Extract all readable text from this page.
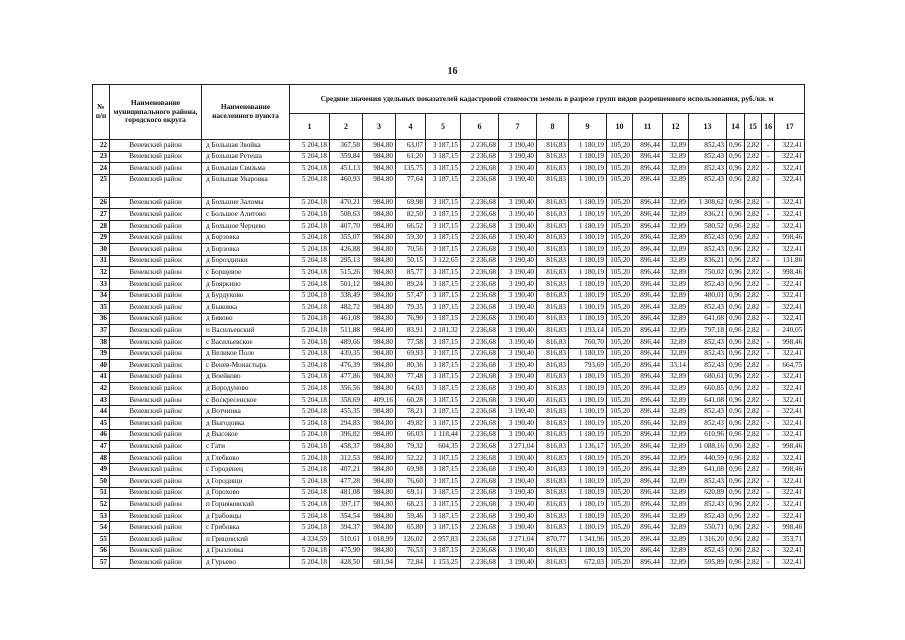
16
№ п/п	Наименование муниципального района, городского округа	Наименование населенного пункта	Средние значения удельных показателей кадастровой стоимости земель в разрезе групп видов разрешенного использования, руб./кв. м																
			1	2	3	4	5	6	7	8	9	10	11	12	13	14	15	16	17
22	Веневский район	д Большая Звойка	5 204,18	367,58	984,80	63,07	3 187,15	2 236,68	3 190,40	816,83	1 180,19	105,20	896,44	32,89	852,43	0,96	2,82	-	322,41
23	Веневский район	д Большая Ретеша	5 204,18	359,84	984,80	61,20	3 187,15	2 236,68	3 190,40	816,83	1 180,19	105,20	896,44	32,89	852,43	0,96	2,82	-	322,41
24	Веневский район	д Большая Связьма	5 204,18	451,13	984,80	135,75	3 187,15	2 236,68	3 190,40	816,83	1 180,19	105,20	896,44	32,89	852,43	0,96	2,82	-	322,41
25	Веневский район	д Большая Уваровка	5 204,18	460,93	984,80	77,64	3 187,15	2 236,68	3 190,40	816,83	1 180,19	105,20	896,44	32,89	852,43	0,96	2,82	-	322,41
26	Веневский район	д Большие Заломы	5 204,18	470,21	984,80	69,98	3 187,15	2 236,68	3 190,40	816,83	1 180,19	105,20	896,44	32,89	1 308,62	0,96	2,82	-	322,41
27	Веневский район	с Большое Алитово	5 204,18	508,63	984,80	82,50	3 187,15	2 236,68	3 190,40	816,83	1 180,19	105,20	896,44	32,89	836,21	0,96	2,82	-	322,41
28	Веневский район	д Большое Черцево	5 204,18	407,70	984,80	66,52	3 187,15	2 236,68	3 190,40	816,83	1 180,19	105,20	896,44	32,89	580,52	0,96	2,82	-	322,41
29	Веневский район	д Борзовка	5 204,18	355,07	984,80	59,30	3 187,15	2 236,68	3 190,40	816,83	1 180,19	105,20	896,44	32,89	852,43	0,96	2,82	-	998,46
30	Веневский район	д Борзовка	5 204,18	426,88	984,80	70,56	3 187,15	2 236,68	3 190,40	816,83	1 180,19	105,20	896,44	32,89	852,43	0,96	2,82	-	322,41
31	Веневский район	д Бороздинки	5 204,18	295,13	984,80	50,15	3 122,65	2 236,68	3 190,40	816,83	1 180,19	105,20	896,44	32,89	836,21	0,96	2,82	-	131,86
32	Веневский район	с Борщевое	5 204,18	515,26	984,80	85,77	3 187,15	2 236,68	3 190,40	816,83	1 180,19	105,20	896,44	32,89	750,02	0,96	2,82	-	998,46
33	Веневский район	д Бояркино	5 204,18	501,12	984,80	89,24	3 187,15	2 236,68	3 190,40	816,83	1 180,19	105,20	896,44	32,89	852,43	0,96	2,82	-	322,41
34	Веневский район	д Бурдуково	5 204,18	338,49	984,80	57,47	3 187,15	2 236,68	3 190,40	816,83	1 180,19	105,20	896,44	32,89	480,01	0,96	2,82	-	322,41
35	Веневский район	д Быковка	5 204,18	482,72	984,80	79,35	3 187,15	2 236,68	3 190,40	816,83	1 180,19	105,20	896,44	32,89	852,43	0,96	2,82	-	322,41
36	Веневский район	д Бяково	5 204,18	461,08	984,80	76,90	3 187,15	2 236,68	3 190,40	816,83	1 180,19	105,20	896,44	32,89	641,08	0,96	2,82	-	322,41
37	Веневский район	п Васильевский	5 204,18	511,88	984,80	83,91	2 181,32	2 236,68	3 190,40	816,83	1 193,14	105,20	896,44	32,89	797,18	0,96	2,82	-	240,05
38	Веневский район	с Васильевское	5 204,18	489,66	984,80	77,58	3 187,15	2 236,68	3 190,40	816,83	760,70	105,20	896,44	32,89	852,43	0,96	2,82	-	998,46
39	Веневский район	д Великое Поле	5 204,18	439,35	984,80	69,93	3 187,15	2 236,68	3 190,40	816,83	1 180,19	105,20	896,44	32,89	852,43	0,96	2,82	-	322,41
40	Веневский район	с Венев-Монастырь	5 204,18	476,39	984,80	80,36	3 187,15	2 236,68	3 190,40	816,83	793,69	105,20	896,44	33,14	852,43	0,96	2,82	-	664,75
41	Веневский район	д Воейково	5 204,18	477,86	984,80	77,48	3 187,15	2 236,68	3 190,40	816,83	1 180,19	105,20	896,44	32,89	680,61	0,96	2,82	-	322,41
42	Веневский район	д Вородуново	5 204,18	356,56	984,80	64,03	3 187,15	2 236,68	3 190,40	816,83	1 180,19	105,20	896,44	32,89	660,85	0,96	2,82	-	322,41
43	Веневский район	с Воскресенское	5 204,18	358,69	409,16	60,28	3 187,15	2 236,68	3 190,40	816,83	1 180,19	105,20	896,44	32,89	641,08	0,96	2,82	-	322,41
44	Веневский район	д Вотчинка	5 204,18	455,35	984,80	78,21	3 187,15	2 236,68	3 190,40	816,83	1 180,19	105,20	896,44	32,89	852,43	0,96	2,82	-	322,41
45	Веневский район	д Выгодовка	5 204,18	294,83	984,80	49,82	3 187,15	2 236,68	3 190,40	816,83	1 180,19	105,20	896,44	32,89	852,43	0,96	2,82	-	322,41
46	Веневский район	д Высокое	5 204,18	396,82	984,80	66,03	1 118,44	2 236,68	3 190,40	816,83	1 180,19	105,20	896,44	32,89	610,96	0,96	2,82	-	322,41
47	Веневский район	с Гати	5 204,18	458,37	984,80	79,32	604,35	2 236,68	3 271,04	816,83	1 136,17	105,20	896,44	32,89	1 088,16	0,96	2,82	-	998,46
48	Веневский район	д Глебково	5 204,18	312,53	984,80	52,22	3 187,15	2 236,68	3 190,40	816,83	1 180,19	105,20	896,44	32,89	440,59	0,96	2,82	-	322,41
49	Веневский район	с Городенец	5 204,18	407,21	984,80	69,98	3 187,15	2 236,68	3 190,40	816,83	1 180,19	105,20	896,44	32,89	641,08	0,96	2,82	-	998,46
50	Веневский район	д Городищи	5 204,18	477,28	984,80	76,60	3 187,15	2 236,68	3 190,40	816,83	1 180,19	105,20	896,44	32,89	852,43	0,96	2,82	-	322,41
51	Веневский район	д Горохово	5 204,18	481,08	984,80	69,11	3 187,15	2 236,68	3 190,40	816,83	1 180,19	105,20	896,44	32,89	620,89	0,96	2,82	-	322,41
52	Веневский район	п Горняковский	5 204,18	397,17	984,80	68,23	3 187,15	2 236,68	3 190,40	816,83	1 180,19	105,20	896,44	32,89	852,43	0,96	2,82	-	322,41
53	Веневский район	д Грабовцы	5 204,18	354,54	984,80	59,46	3 187,15	2 236,68	3 190,40	816,83	1 180,19	105,20	896,44	32,89	852,43	0,96	2,82	-	322,41
54	Веневский район	с Грибовка	5 204,18	394,37	984,80	65,80	3 187,15	2 236,68	3 190,40	816,83	1 180,19	105,20	896,44	32,89	550,71	0,96	2,82	-	998,46
55	Веневский район	п Грицовский	4 334,59	510,61	1 018,99	126,02	2 957,83	2 236,68	3 271,04	870,77	1 341,96	105,20	896,44	32,89	1 316,20	0,96	2,82	-	353,71
56	Веневский район	д Грызловка	5 204,18	475,90	984,80	76,53	3 187,15	2 236,68	3 190,40	816,83	1 180,19	105,20	896,44	32,89	852,43	0,96	2,82	-	322,41
57	Веневский район	д Гурьево	5 204,18	428,50	681,94	72,84	1 153,25	2 236,68	3 190,40	816,83	672,03	105,20	896,44	32,89	595,89	0,96	2,82	-	322,41
